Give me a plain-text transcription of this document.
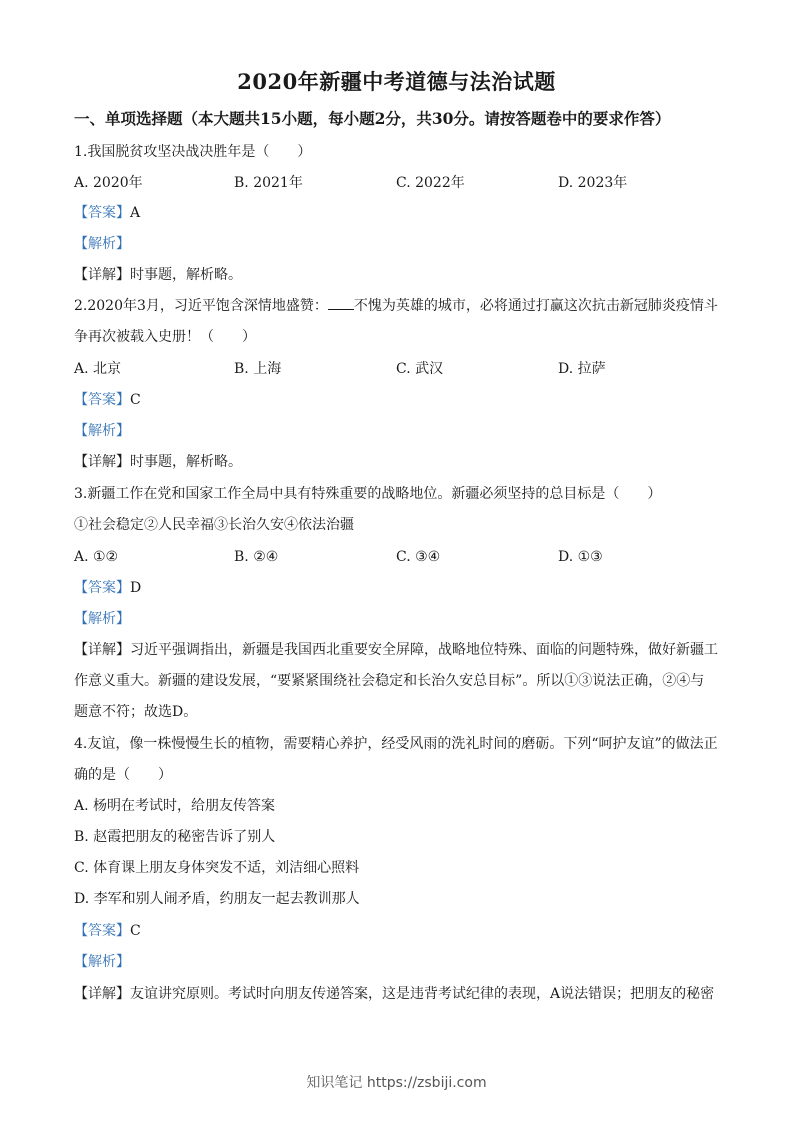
2020年新疆中考道德与法治试题
一、单项选择题（本大题共15小题，每小题2分，共30分。请按答题卷中的要求作答）
1.我国脱贫攻坚决战决胜年是（　　）
A. 2020年	B. 2021年	C. 2022年	D. 2023年
【答案】A
【解析】
【详解】时事题，解析略。
2.2020年3月，习近平饱含深情地盛赞： 不愧为英雄的城市，必将通过打赢这次抗击新冠肺炎疫情斗
争再次被载入史册！（　　）
A. 北京	B. 上海	C. 武汉	D. 拉萨
【答案】C
【解析】
【详解】时事题，解析略。
3.新疆工作在党和国家工作全局中具有特殊重要的战略地位。新疆必须坚持的总目标是（　　）
①社会稳定②人民幸福③长治久安④依法治疆
A. ①②	B. ②④	C. ③④	D. ①③
【答案】D
【解析】
【详解】习近平强调指出，新疆是我国西北重要安全屏障，战略地位特殊、面临的问题特殊，做好新疆工
作意义重大。新疆的建设发展，“要紧紧围绕社会稳定和长治久安总目标”。所以①③说法正确，②④与
题意不符；故选D。
4.友谊，像一株慢慢生长的植物，需要精心养护，经受风雨的洗礼时间的磨砺。下列“呵护友谊”的做法正
确的是（　　）
A. 杨明在考试时，给朋友传答案
B. 赵霞把朋友的秘密告诉了别人
C. 体育课上朋友身体突发不适，刘洁细心照料
D. 李军和别人闹矛盾，约朋友一起去教训那人
【答案】C
【解析】
【详解】友谊讲究原则。考试时向朋友传递答案，这是违背考试纪律的表现，A说法错误；把朋友的秘密
知识笔记 https://zsbiji.com
